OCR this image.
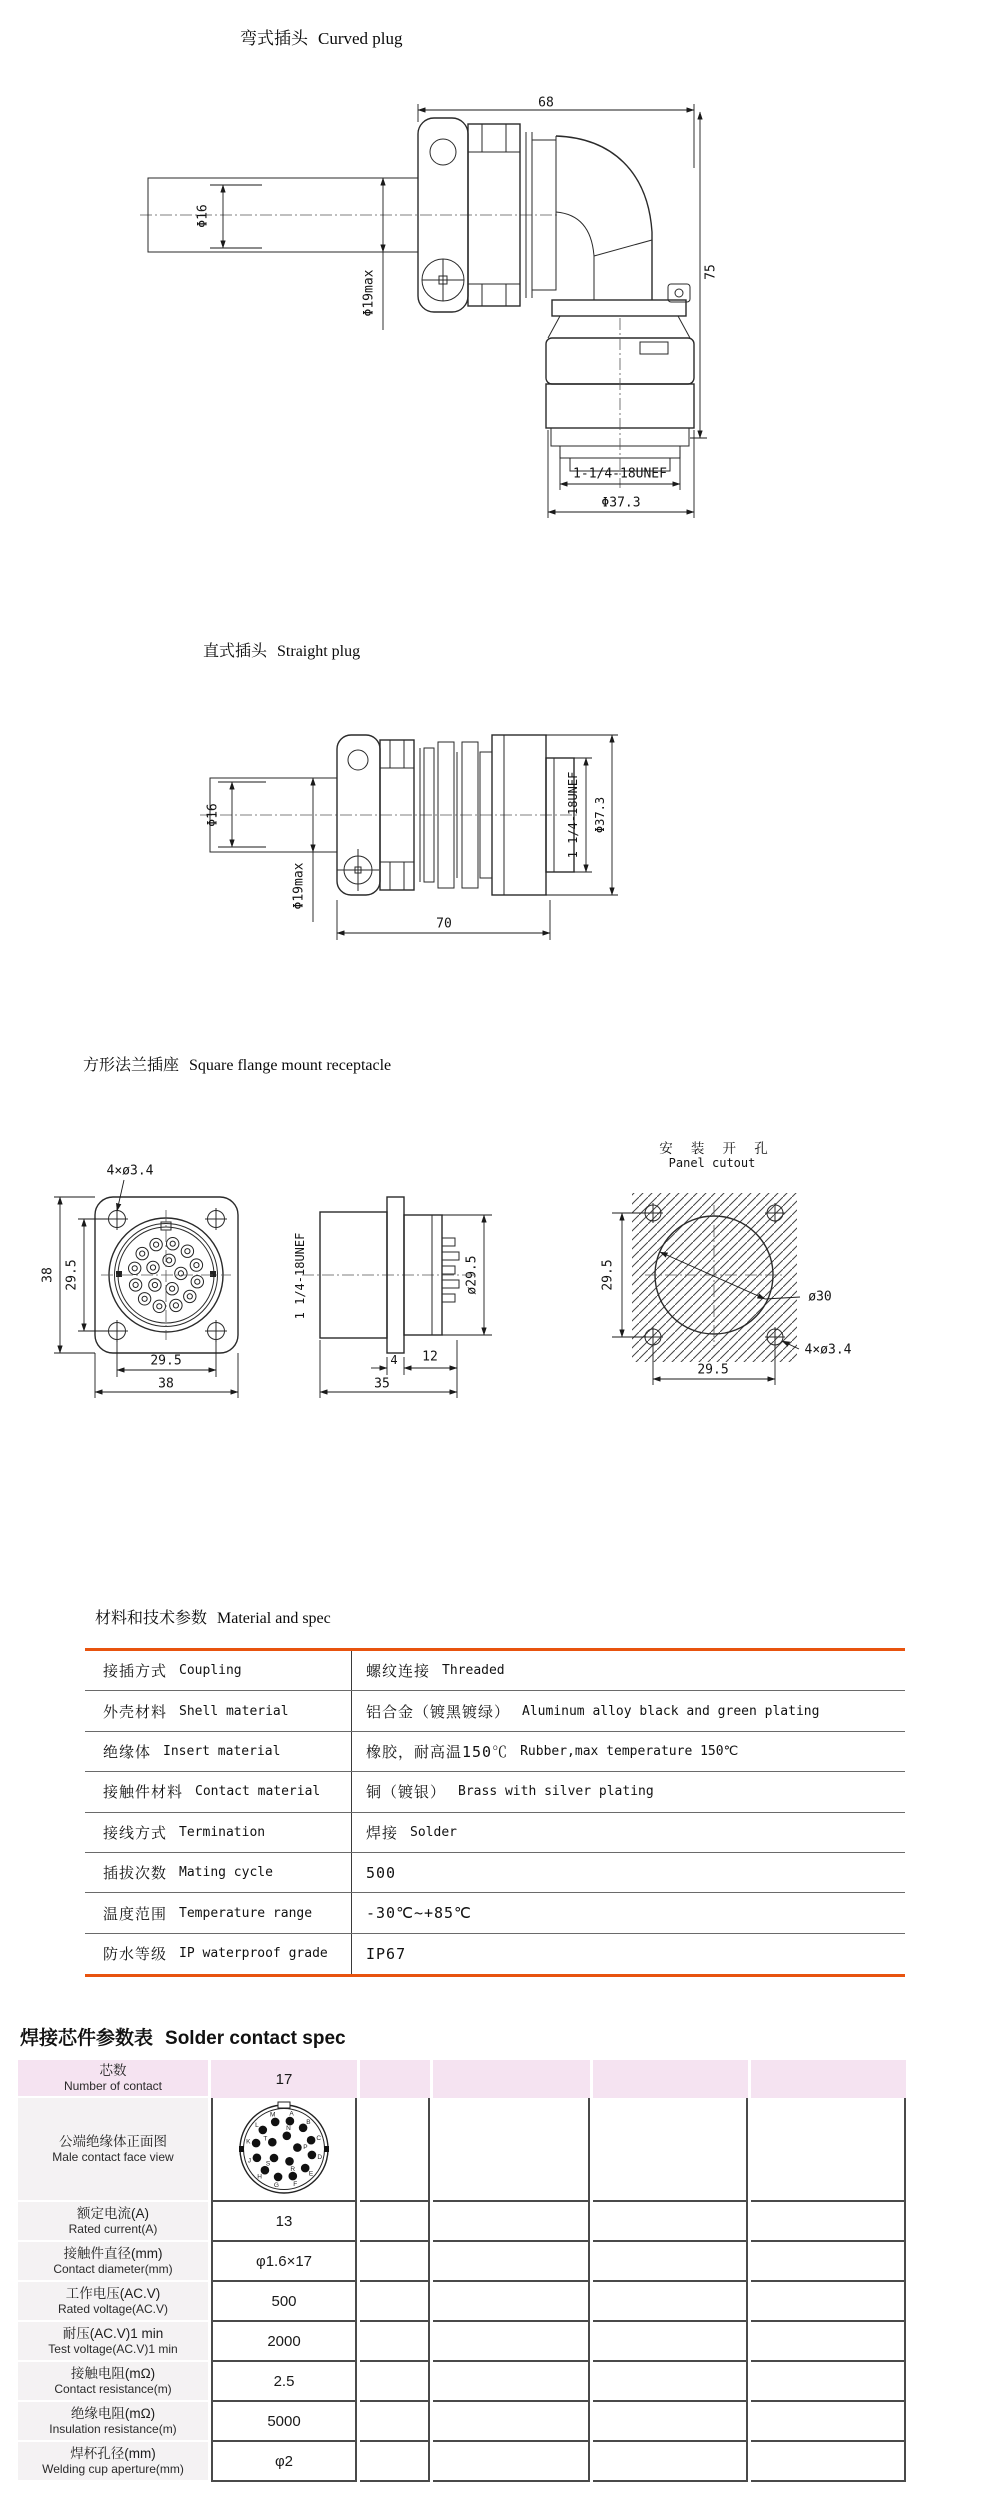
弯式插头 Curved plug
直式插头 Straight plug
方形法兰插座 Square flange mount receptacle
材料和技术参数 Material and spec
焊接芯件参数表 Solder contact spec
68
75
Φ16
Φ19max
1-1/4-18UNEF
Φ37.3
70
Φ16
Φ19max
1 1/4-18UNEF Φ37.3
4×ø3.4
38 29.5
29.5
38
1 1/4-18UNEF	ø29.5
4 12
35
安 装 开 孔
Panel cutout
29.5
29.5
ø30
4×ø3.4
接插方式 Coupling	螺纹连接 Threaded
外壳材料 Shell material	铝合金（镀黑镀绿） Aluminum alloy black and green plating
绝缘体 Insert material	橡胶，耐高温150℃ Rubber,max temperature 150℃
接触件材料 Contact material	铜（镀银） Brass with silver plating
接线方式 Termination	焊接 Solder
插拔次数 Mating cycle	500
温度范围 Temperature range	-30℃~+85℃
防水等级 IP waterproof grade	IP67
芯数
Number of contact	17
公端绝缘体正面图
Male contact face view
A
B
C
D
E
F
G
H
J
K
L
M
N
P
R
S
T
额定电流(A)
Rated current(A)	13
接触件直径(mm)
Contact diameter(mm)	φ1.6×17
工作电压(AC.V)
Rated voltage(AC.V)	500
耐压(AC.V)1 min
Test voltage(AC.V)1 min	2000
接触电阻(mΩ)
Contact resistance(m)	2.5
绝缘电阻(mΩ)
Insulation resistance(m)	5000
焊杯孔径(mm)
Welding cup aperture(mm)	φ2
